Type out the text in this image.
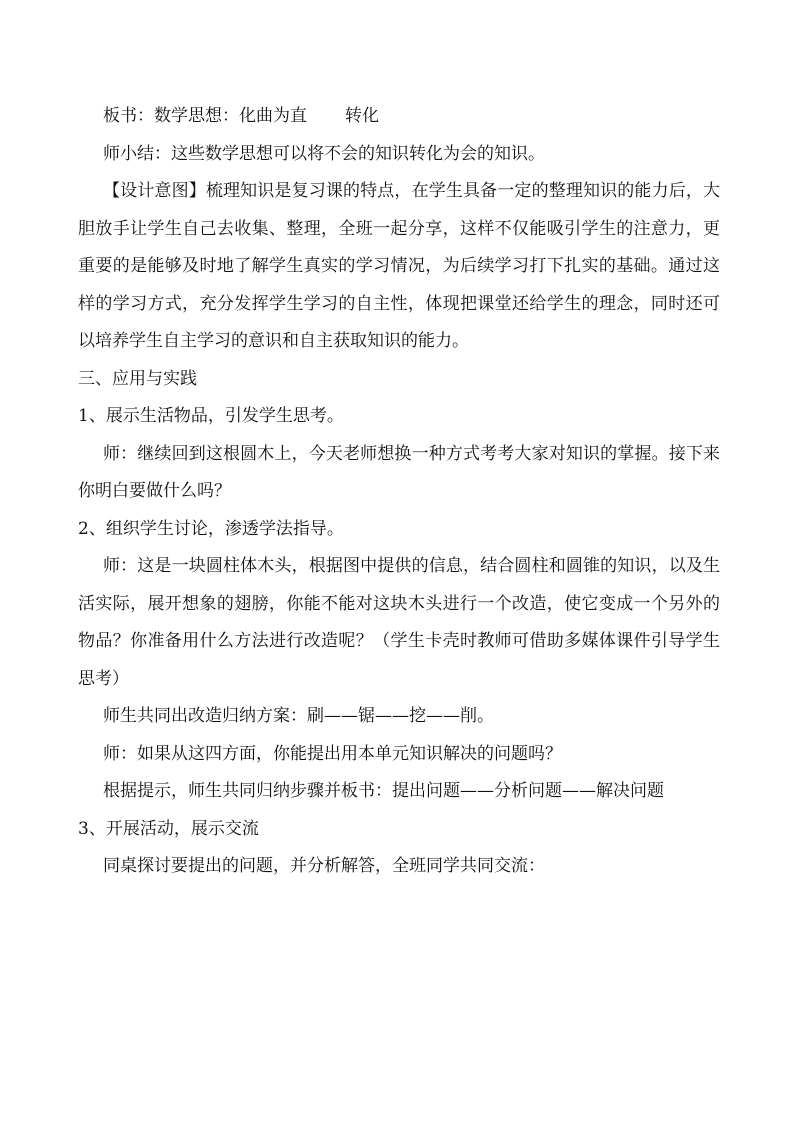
板书：数学思想：化曲为直 转化

师小结：这些数学思想可以将不会的知识转化为会的知识。

【设计意图】梳理知识是复习课的特点，在学生具备一定的整理知识的能力后，大胆放手让学生自己去收集、整理，全班一起分享，这样不仅能吸引学生的注意力，更重要的是能够及时地了解学生真实的学习情况，为后续学习打下扎实的基础。通过这样的学习方式，充分发挥学生学习的自主性，体现把课堂还给学生的理念，同时还可以培养学生自主学习的意识和自主获取知识的能力。

三、应用与实践

1、展示生活物品，引发学生思考。

师：继续回到这根圆木上，今天老师想换一种方式考考大家对知识的掌握。接下来你明白要做什么吗？

2、组织学生讨论，渗透学法指导。

师：这是一块圆柱体木头，根据图中提供的信息，结合圆柱和圆锥的知识，以及生活实际，展开想象的翅膀，你能不能对这块木头进行一个改造，使它变成一个另外的物品？你准备用什么方法进行改造呢？（学生卡壳时教师可借助多媒体课件引导学生思考）

师生共同出改造归纳方案：刷——锯——挖——削。

师：如果从这四方面，你能提出用本单元知识解决的问题吗？

根据提示，师生共同归纳步骤并板书：提出问题——分析问题——解决问题

3、开展活动，展示交流

同桌探讨要提出的问题，并分析解答，全班同学共同交流：
